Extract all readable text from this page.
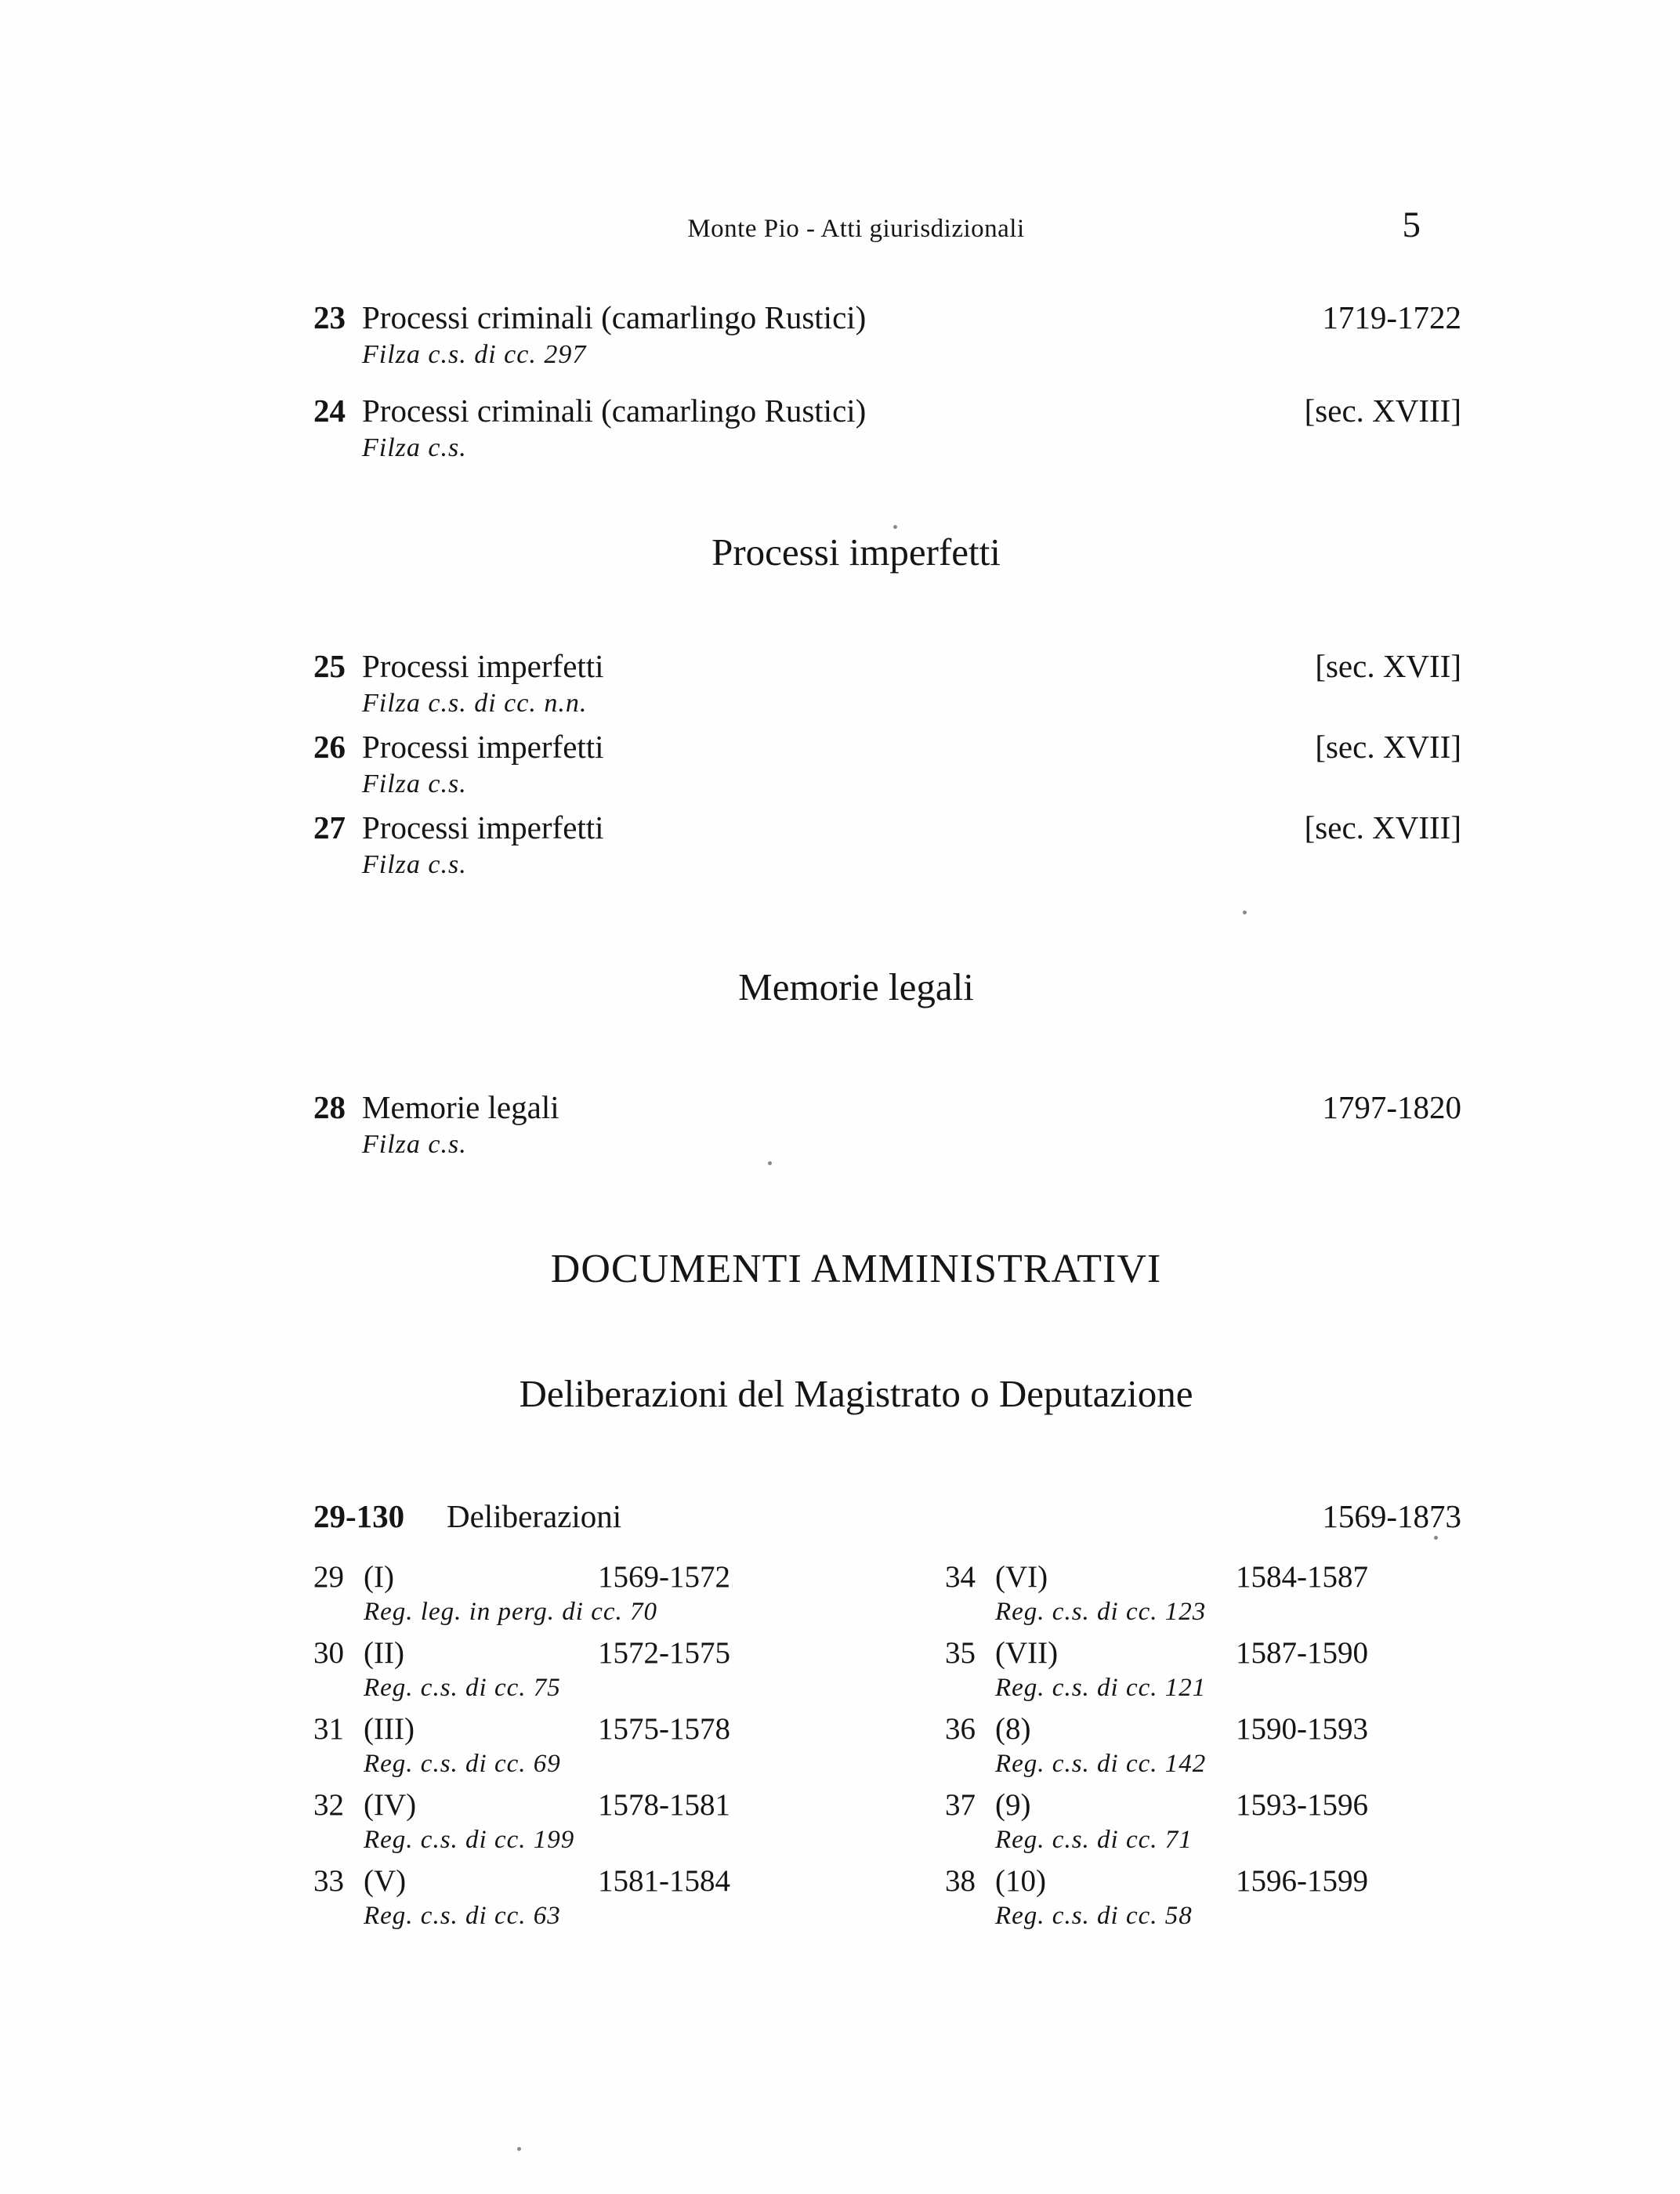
Monte Pio - Atti giurisdizionali	5
23 Processi criminali (camarlingo Rustici)	1719-1722
Filza c.s. di cc. 297
24 Processi criminali (camarlingo Rustici)	[sec. XVIII]
Filza c.s.
Processi imperfetti
25 Processi imperfetti	[sec. XVII]
Filza c.s. di cc. n.n.
26 Processi imperfetti	[sec. XVII]
Filza c.s.
27 Processi imperfetti	[sec. XVIII]
Filza c.s.
Memorie legali
28 Memorie legali	1797-1820
Filza c.s.
DOCUMENTI AMMINISTRATIVI
Deliberazioni del Magistrato o Deputazione
29-130	Deliberazioni	1569-1873
29 (I)	1569-1572
Reg. leg. in perg. di cc. 70
30 (II)	1572-1575
Reg. c.s. di cc. 75
31 (III)	1575-1578
Reg. c.s. di cc. 69
32 (IV)	1578-1581
Reg. c.s. di cc. 199
33 (V)	1581-1584
Reg. c.s. di cc. 63
34 (VI)	1584-1587
Reg. c.s. di cc. 123
35 (VII)	1587-1590
Reg. c.s. di cc. 121
36 (8)	1590-1593
Reg. c.s. di cc. 142
37 (9)	1593-1596
Reg. c.s. di cc. 71
38 (10)	1596-1599
Reg. c.s. di cc. 58
